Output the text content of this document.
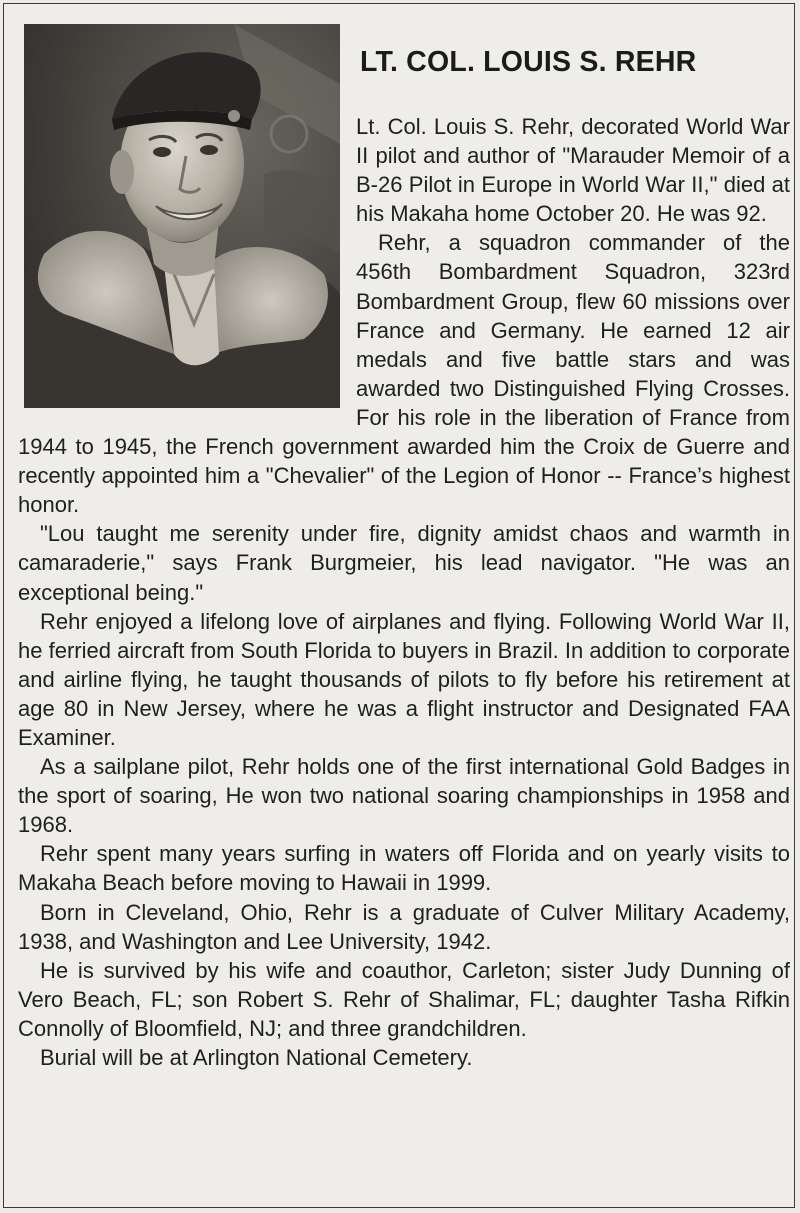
LT. COL. LOUIS S. REHR

Lt. Col. Louis S. Rehr, decorated World War II pilot and author of "Marauder Memoir of a B-26 Pilot in Europe in World War II," died at his Makaha home October 20. He was 92.

Rehr, a squadron commander of the 456th Bombardment Squadron, 323rd Bombardment Group, flew 60 missions over France and Germany. He earned 12 air medals and five battle stars and was awarded two Distinguished Flying Crosses. For his role in the liberation of France from 1944 to 1945, the French government awarded him the Croix de Guerre and recently appointed him a "Chevalier" of the Legion of Honor -- France’s highest honor.

"Lou taught me serenity under fire, dignity amidst chaos and warmth in camaraderie," says Frank Burgmeier, his lead navigator. "He was an exceptional being."

Rehr enjoyed a lifelong love of airplanes and flying. Following World War II, he ferried aircraft from South Florida to buyers in Brazil. In addition to corporate and airline flying, he taught thousands of pilots to fly before his retirement at age 80 in New Jersey, where he was a flight instructor and Designated FAA Examiner.

As a sailplane pilot, Rehr holds one of the first international Gold Badges in the sport of soaring, He won two national soaring championships in 1958 and 1968.

Rehr spent many years surfing in waters off Florida and on yearly visits to Makaha Beach before moving to Hawaii in 1999.

Born in Cleveland, Ohio, Rehr is a graduate of Culver Military Academy, 1938, and Washington and Lee University, 1942.

He is survived by his wife and coauthor, Carleton; sister Judy Dunning of Vero Beach, FL; son Robert S. Rehr of Shalimar, FL; daughter Tasha Rifkin Connolly of Bloomfield, NJ; and three grandchildren.

Burial will be at Arlington National Cemetery.
